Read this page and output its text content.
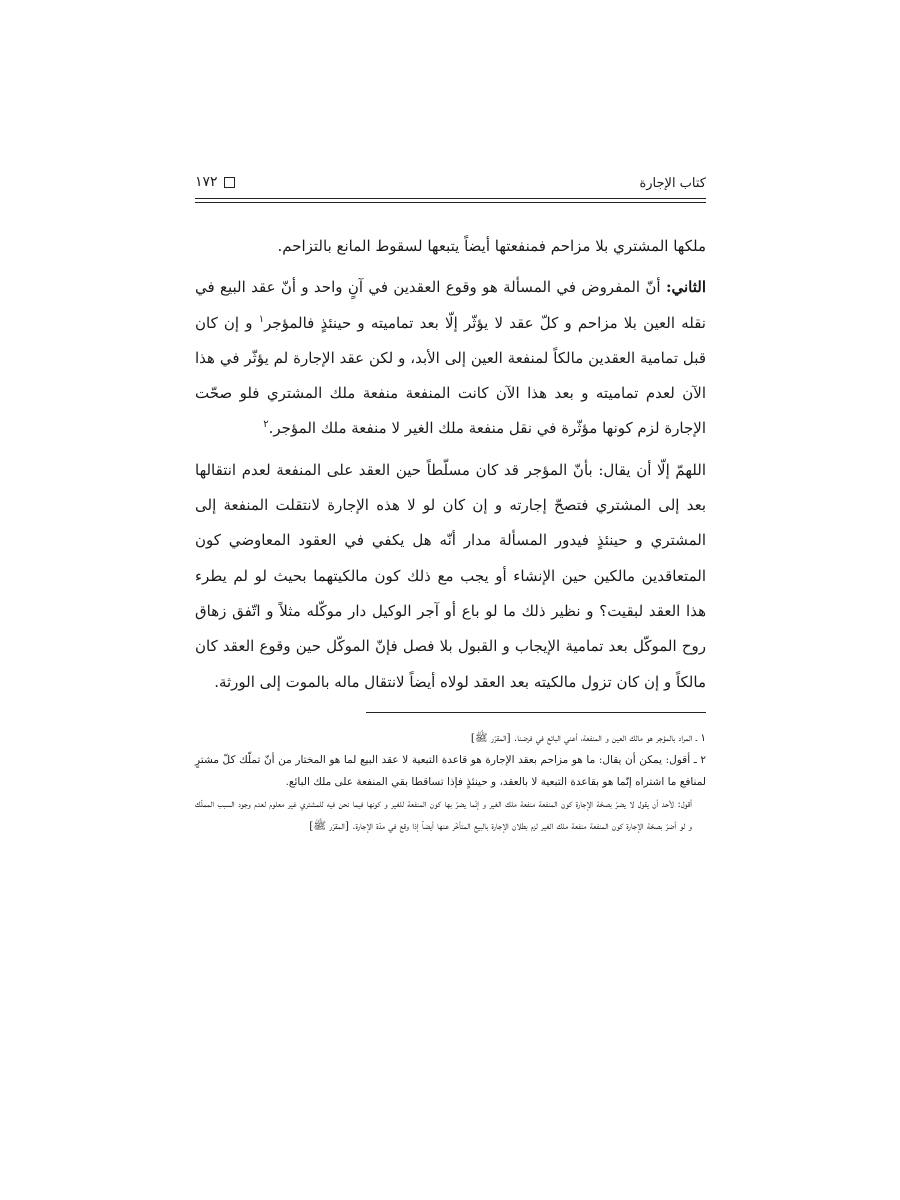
كتاب الإجارة
١٧٢

ملكها المشتري بلا مزاحم فمنفعتها أيضاً يتبعها لسقوط المانع بالتزاحم.

الثاني: أنّ المفروض في المسألة هو وقوع العقدين في آنٍ واحد و أنّ عقد البيع في نقله العين بلا مزاحم و كلّ عقد لا يؤثّر إلّا بعد تماميته و حينئذٍ فالمؤجر$^١$ و إن كان قبل تمامية العقدين مالكاً لمنفعة العين إلى الأبد، و لكن عقد الإجارة لم يؤثّر في هذا الآن لعدم تماميته و بعد هذا الآن كانت المنفعة منفعة ملك المشتري فلو صحّت الإجارة لزم كونها مؤثّرة في نقل منفعة ملك الغير لا منفعة ملك المؤجر.$^٢$

اللهمّ إلّا أن يقال: بأنّ المؤجر قد كان مسلّطاً حين العقد على المنفعة لعدم انتقالها بعد إلى المشتري فتصحّ إجارته و إن كان لو لا هذه الإجارة لانتقلت المنفعة إلى المشتري و حينئذٍ فيدور المسألة مدار أنّه هل يكفي في العقود المعاوضي كون المتعاقدين مالكين حين الإنشاء أو يجب مع ذلك كون مالكيتهما بحيث لو لم يطرء هذا العقد لبقيت؟ و نظير ذلك ما لو باع أو آجر الوكيل دار موكّله مثلاً و اتّفق زهاق روح الموكّل بعد تمامية الإيجاب و القبول بلا فصل فإنّ الموكّل حين وقوع العقد كان مالكاً و إن كان تزول مالكيته بعد العقد لولاه أيضاً لانتقال ماله بالموت إلى الورثة.

١ ـ المراد بالمؤجر هو مالك العين و المنفعة، أعني البائع في فرضنا. [المقرّر ﷺ]

٢ ـ أقول: يمكن أن يقال: ما هو مزاحم بعقد الإجارة هو قاعدة التبعية لا عقد البيع لما هو المختار من أنّ تملّك كلّ مشترٍ لمنافع ما اشتراه إنّما هو بقاعدة التبعية لا بالعقد، و حينئذٍ فإذا تساقطا بقي المنفعة على ملك البائع.

أقول: لأحد أن يقول لا يضرّ بصحّة الإجارة كون المنفعة منفعة ملك الغير و إنّما يضرّ بها كون المنفعة للغير و كونها فيما نحن فيه للمشتري غير معلوم لعدم وجود السبب المملّك و لو أضرّ بصحّة الإجارة كون المنفعة منفعة ملك الغير لزم بطلان الإجارة بالبيع المتأخّر عنها أيضاً إذا وقع في مدّة الإجارة. [المقرّر ﷺ]
